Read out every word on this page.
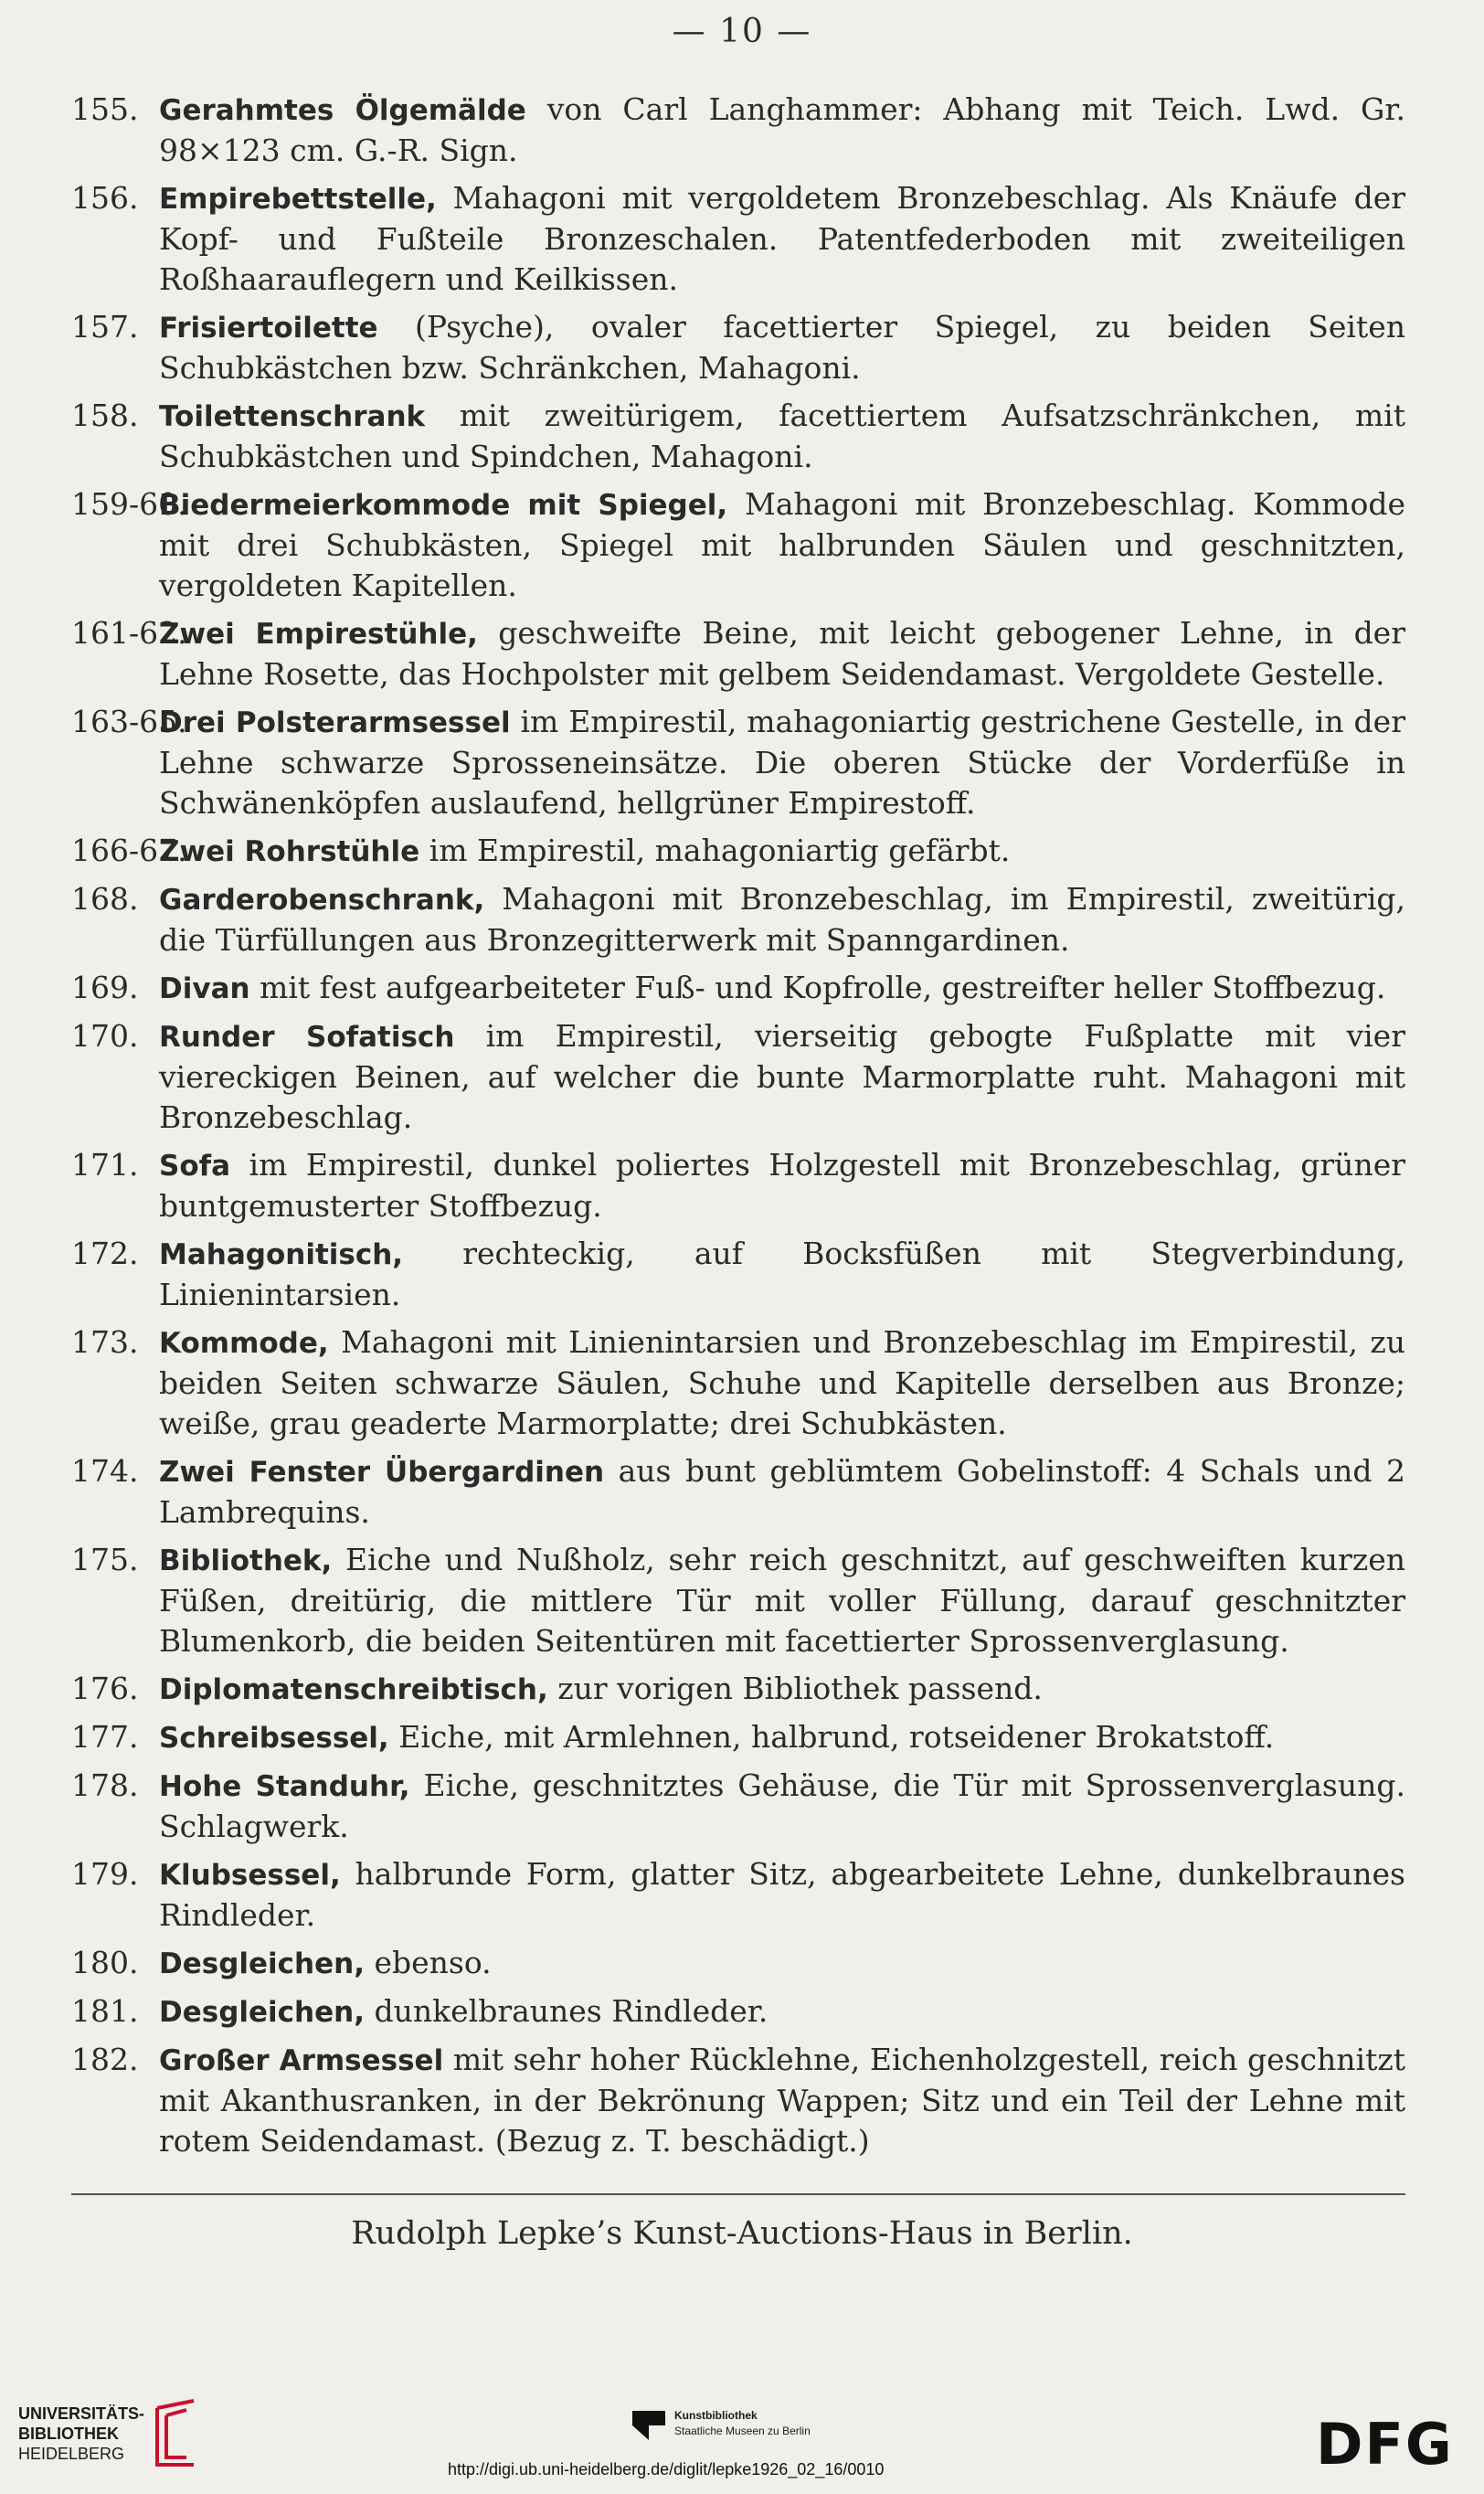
— 10 —
155. Gerahmtes Ölgemälde von Carl Langhammer: Abhang mit Teich. Lwd. Gr. 98×123 cm. G.-R. Sign.
156. Empirebettstelle, Mahagoni mit vergoldetem Bronzebeschlag. Als Knäufe der Kopf- und Fußteile Bronzeschalen. Patentfederboden mit zweiteiligen Roßhaarauflegern und Keilkissen.
157. Frisiertoilette (Psyche), ovaler facettierter Spiegel, zu beiden Seiten Schubkästchen bzw. Schränkchen, Mahagoni.
158. Toilettenschrank mit zweitürigem, facettiertem Aufsatzschränkchen, mit Schubkästchen und Spindchen, Mahagoni.
159-60.
Biedermeierkommode mit Spiegel, Mahagoni mit Bronzebeschlag. Kommode mit drei Schubkästen, Spiegel mit halbrunden Säulen und geschnitzten, vergoldeten Kapitellen.
161-62.
Zwei Empirestühle, geschweifte Beine, mit leicht gebogener Lehne, in der Lehne Rosette, das Hochpolster mit gelbem Seidendamast. Vergoldete Gestelle.
163-65.
Drei Polsterarmsessel im Empirestil, mahagoniartig gestrichene Gestelle, in der Lehne schwarze Sprosseneinsätze. Die oberen Stücke der Vorderfüße in Schwänenköpfen auslaufend, hellgrüner Empirestoff.
166-67.
Zwei Rohrstühle im Empirestil, mahagoniartig gefärbt.
168. Garderobenschrank, Mahagoni mit Bronzebeschlag, im Empirestil, zweitürig, die Türfüllungen aus Bronzegitterwerk mit Spanngardinen.
169. Divan mit fest aufgearbeiteter Fuß- und Kopfrolle, gestreifter heller Stoffbezug.
170. Runder Sofatisch im Empirestil, vierseitig gebogte Fußplatte mit vier viereckigen Beinen, auf welcher die bunte Marmorplatte ruht. Mahagoni mit Bronzebeschlag.
171. Sofa im Empirestil, dunkel poliertes Holzgestell mit Bronzebeschlag, grüner buntgemusterter Stoffbezug.
172. Mahagonitisch, rechteckig, auf Bocksfüßen mit Stegverbindung, Linienintarsien.
173. Kommode, Mahagoni mit Linienintarsien und Bronzebeschlag im Empirestil, zu beiden Seiten schwarze Säulen, Schuhe und Kapitelle derselben aus Bronze; weiße, grau geaderte Marmorplatte; drei Schubkästen.
174. Zwei Fenster Übergardinen aus bunt geblümtem Gobelinstoff: 4 Schals und 2 Lambrequins.
175. Bibliothek, Eiche und Nußholz, sehr reich geschnitzt, auf geschweiften kurzen Füßen, dreitürig, die mittlere Tür mit voller Füllung, darauf geschnitzter Blumenkorb, die beiden Seitentüren mit facettierter Sprossenverglasung.
176. Diplomatenschreibtisch, zur vorigen Bibliothek passend.
177. Schreibsessel, Eiche, mit Armlehnen, halbrund, rotseidener Brokatstoff.
178. Hohe Standuhr, Eiche, geschnitztes Gehäuse, die Tür mit Sprossenverglasung. Schlagwerk.
179. Klubsessel, halbrunde Form, glatter Sitz, abgearbeitete Lehne, dunkelbraunes Rindleder.
180. Desgleichen, ebenso.
181. Desgleichen, dunkelbraunes Rindleder.
182. Großer Armsessel mit sehr hoher Rücklehne, Eichenholzgestell, reich geschnitzt mit Akanthusranken, in der Bekrönung Wappen; Sitz und ein Teil der Lehne mit rotem Seidendamast. (Bezug z. T. beschädigt.)
Rudolph Lepke’s Kunst-Auctions-Haus in Berlin.
UNIVERSITÄTS-
BIBLIOTHEK
HEIDELBERG
Kunstbibliothek
Staatliche Museen zu Berlin	DFG
http://digi.ub.uni-heidelberg.de/diglit/lepke1926_02_16/0010
